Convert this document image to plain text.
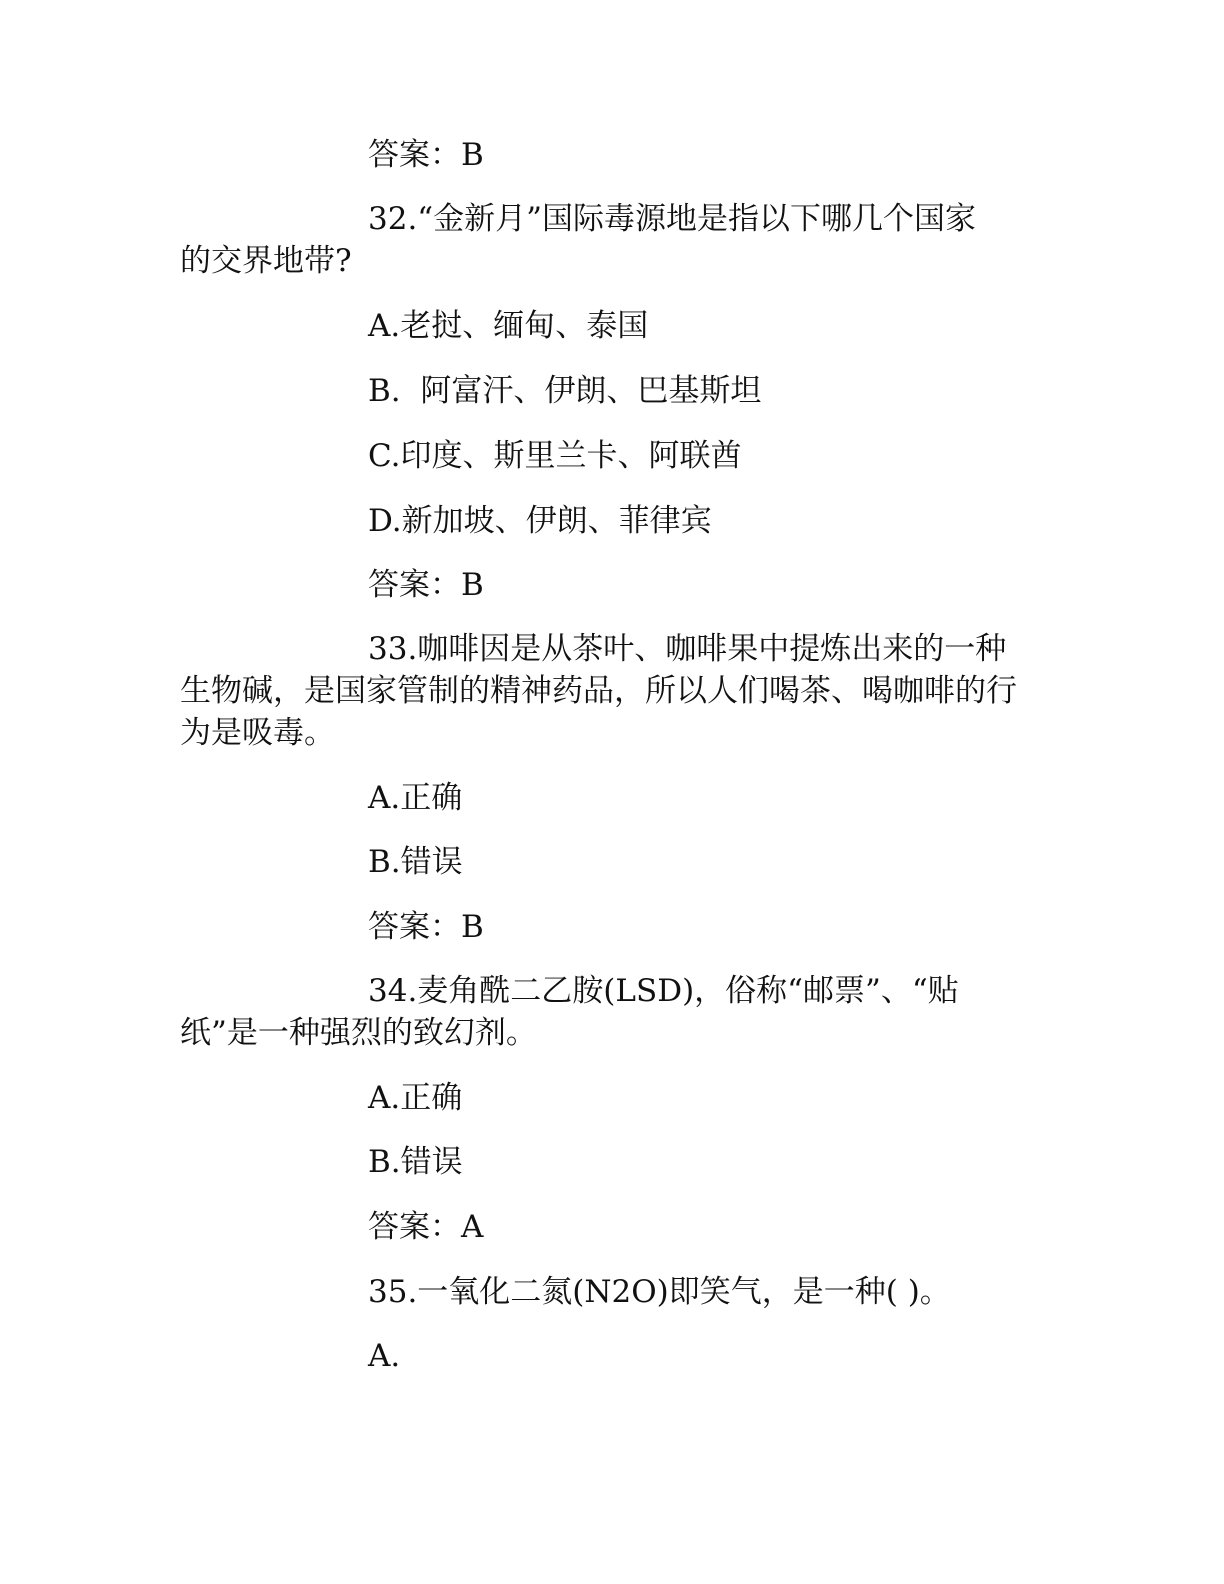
答案：B
32.“金新月”国际毒源地是指以下哪几个国家
的交界地带?
A.老挝、缅甸、泰国
B.  阿富汗、伊朗、巴基斯坦
C.印度、斯里兰卡、阿联酋
D.新加坡、伊朗、菲律宾
答案：B
33.咖啡因是从茶叶、咖啡果中提炼出来的一种
生物碱，是国家管制的精神药品，所以人们喝茶、喝咖啡的行
为是吸毒。
A.正确
B.错误
答案：B
34.麦角酰二乙胺(LSD)，俗称“邮票”、“贴
纸”是一种强烈的致幻剂。
A.正确
B.错误
答案：A
35.一氧化二氮(N2O)即笑气，是一种( )。
A.
